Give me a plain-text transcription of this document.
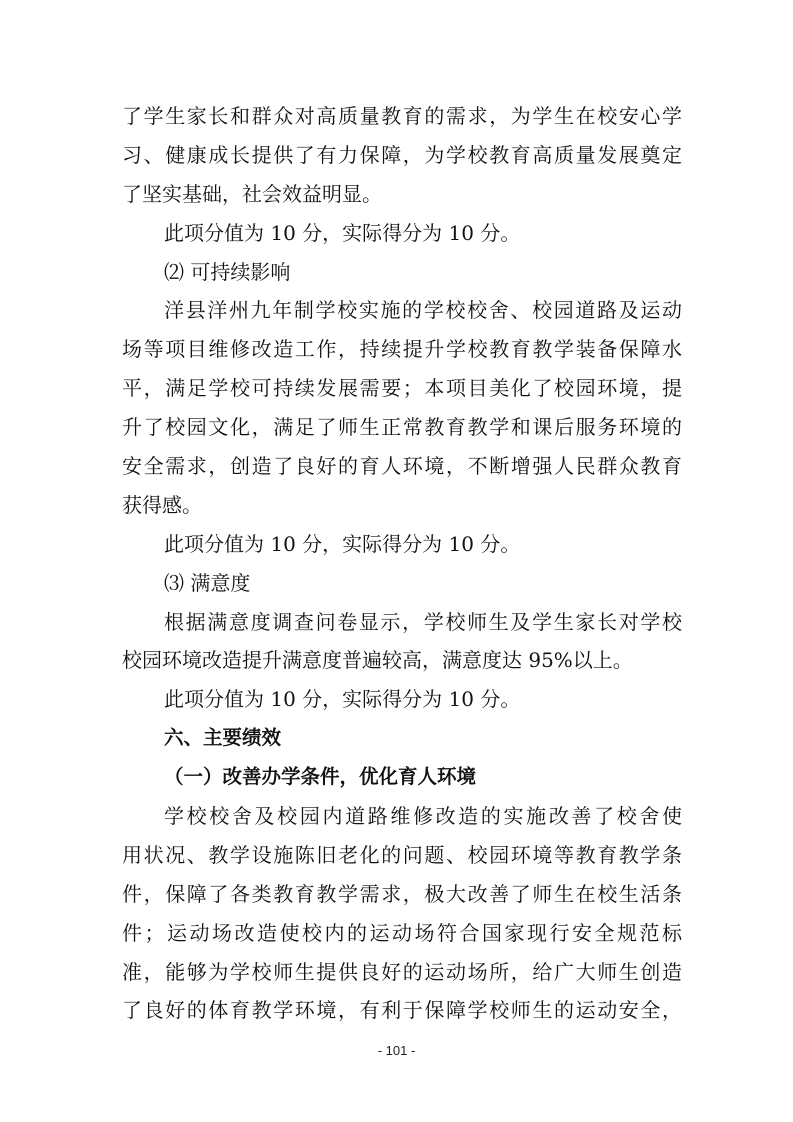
了学生家长和群众对高质量教育的需求，为学生在校安心学
习、健康成长提供了有力保障，为学校教育高质量发展奠定
了坚实基础，社会效益明显。
此项分值为 10 分，实际得分为 10 分。
⑵ 可持续影响
洋县洋州九年制学校实施的学校校舍、校园道路及运动
场等项目维修改造工作，持续提升学校教育教学装备保障水
平，满足学校可持续发展需要；本项目美化了校园环境，提
升了校园文化，满足了师生正常教育教学和课后服务环境的
安全需求，创造了良好的育人环境，不断增强人民群众教育
获得感。
此项分值为 10 分，实际得分为 10 分。
⑶ 满意度
根据满意度调查问卷显示，学校师生及学生家长对学校
校园环境改造提升满意度普遍较高，满意度达 95%以上。
此项分值为 10 分，实际得分为 10 分。
六、主要绩效
（一）改善办学条件，优化育人环境
学校校舍及校园内道路维修改造的实施改善了校舍使
用状况、教学设施陈旧老化的问题、校园环境等教育教学条
件，保障了各类教育教学需求，极大改善了师生在校生活条
件；运动场改造使校内的运动场符合国家现行安全规范标
准，能够为学校师生提供良好的运动场所，给广大师生创造
了良好的体育教学环境，有利于保障学校师生的运动安全，
- 101 -
